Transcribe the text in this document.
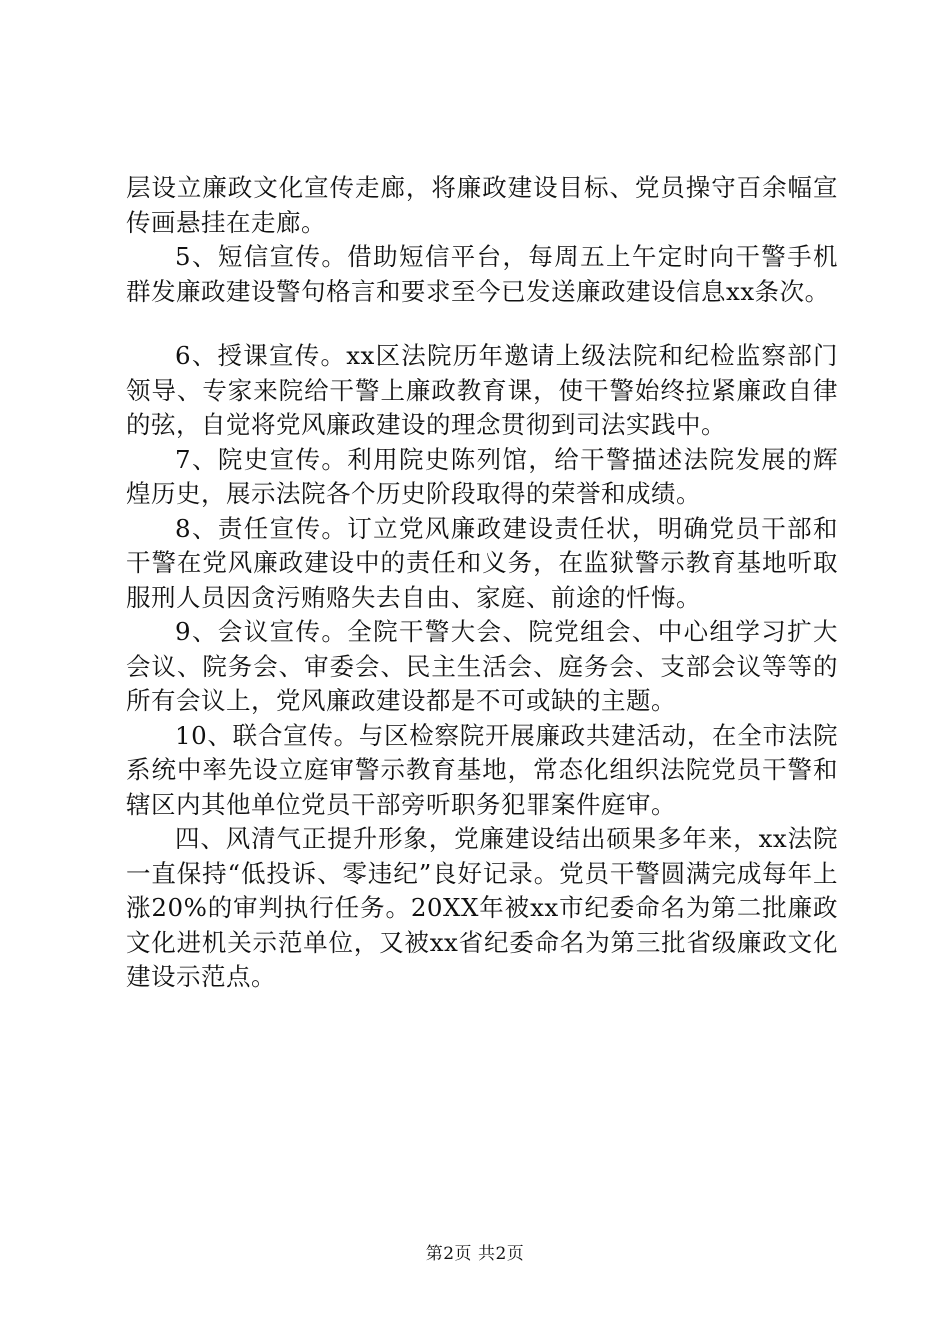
层设立廉政文化宣传走廊，将廉政建设目标、党员操守百余幅宣传画悬挂在走廊。

5、短信宣传。借助短信平台，每周五上午定时向干警手机群发廉政建设警句格言和要求至今已发送廉政建设信息xx条次。

6、授课宣传。xx区法院历年邀请上级法院和纪检监察部门领导、专家来院给干警上廉政教育课，使干警始终拉紧廉政自律的弦，自觉将党风廉政建设的理念贯彻到司法实践中。

7、院史宣传。利用院史陈列馆，给干警描述法院发展的辉煌历史，展示法院各个历史阶段取得的荣誉和成绩。

8、责任宣传。订立党风廉政建设责任状，明确党员干部和干警在党风廉政建设中的责任和义务，在监狱警示教育基地听取服刑人员因贪污贿赂失去自由、家庭、前途的忏悔。

9、会议宣传。全院干警大会、院党组会、中心组学习扩大会议、院务会、审委会、民主生活会、庭务会、支部会议等等的所有会议上，党风廉政建设都是不可或缺的主题。

10、联合宣传。与区检察院开展廉政共建活动，在全市法院系统中率先设立庭审警示教育基地，常态化组织法院党员干警和辖区内其他单位党员干部旁听职务犯罪案件庭审。

四、风清气正提升形象，党廉建设结出硕果多年来，xx法院一直保持“低投诉、零违纪”良好记录。党员干警圆满完成每年上涨20%的审判执行任务。20XX年被xx市纪委命名为第二批廉政文化进机关示范单位，又被xx省纪委命名为第三批省级廉政文化建设示范点。

第2页 共2页
